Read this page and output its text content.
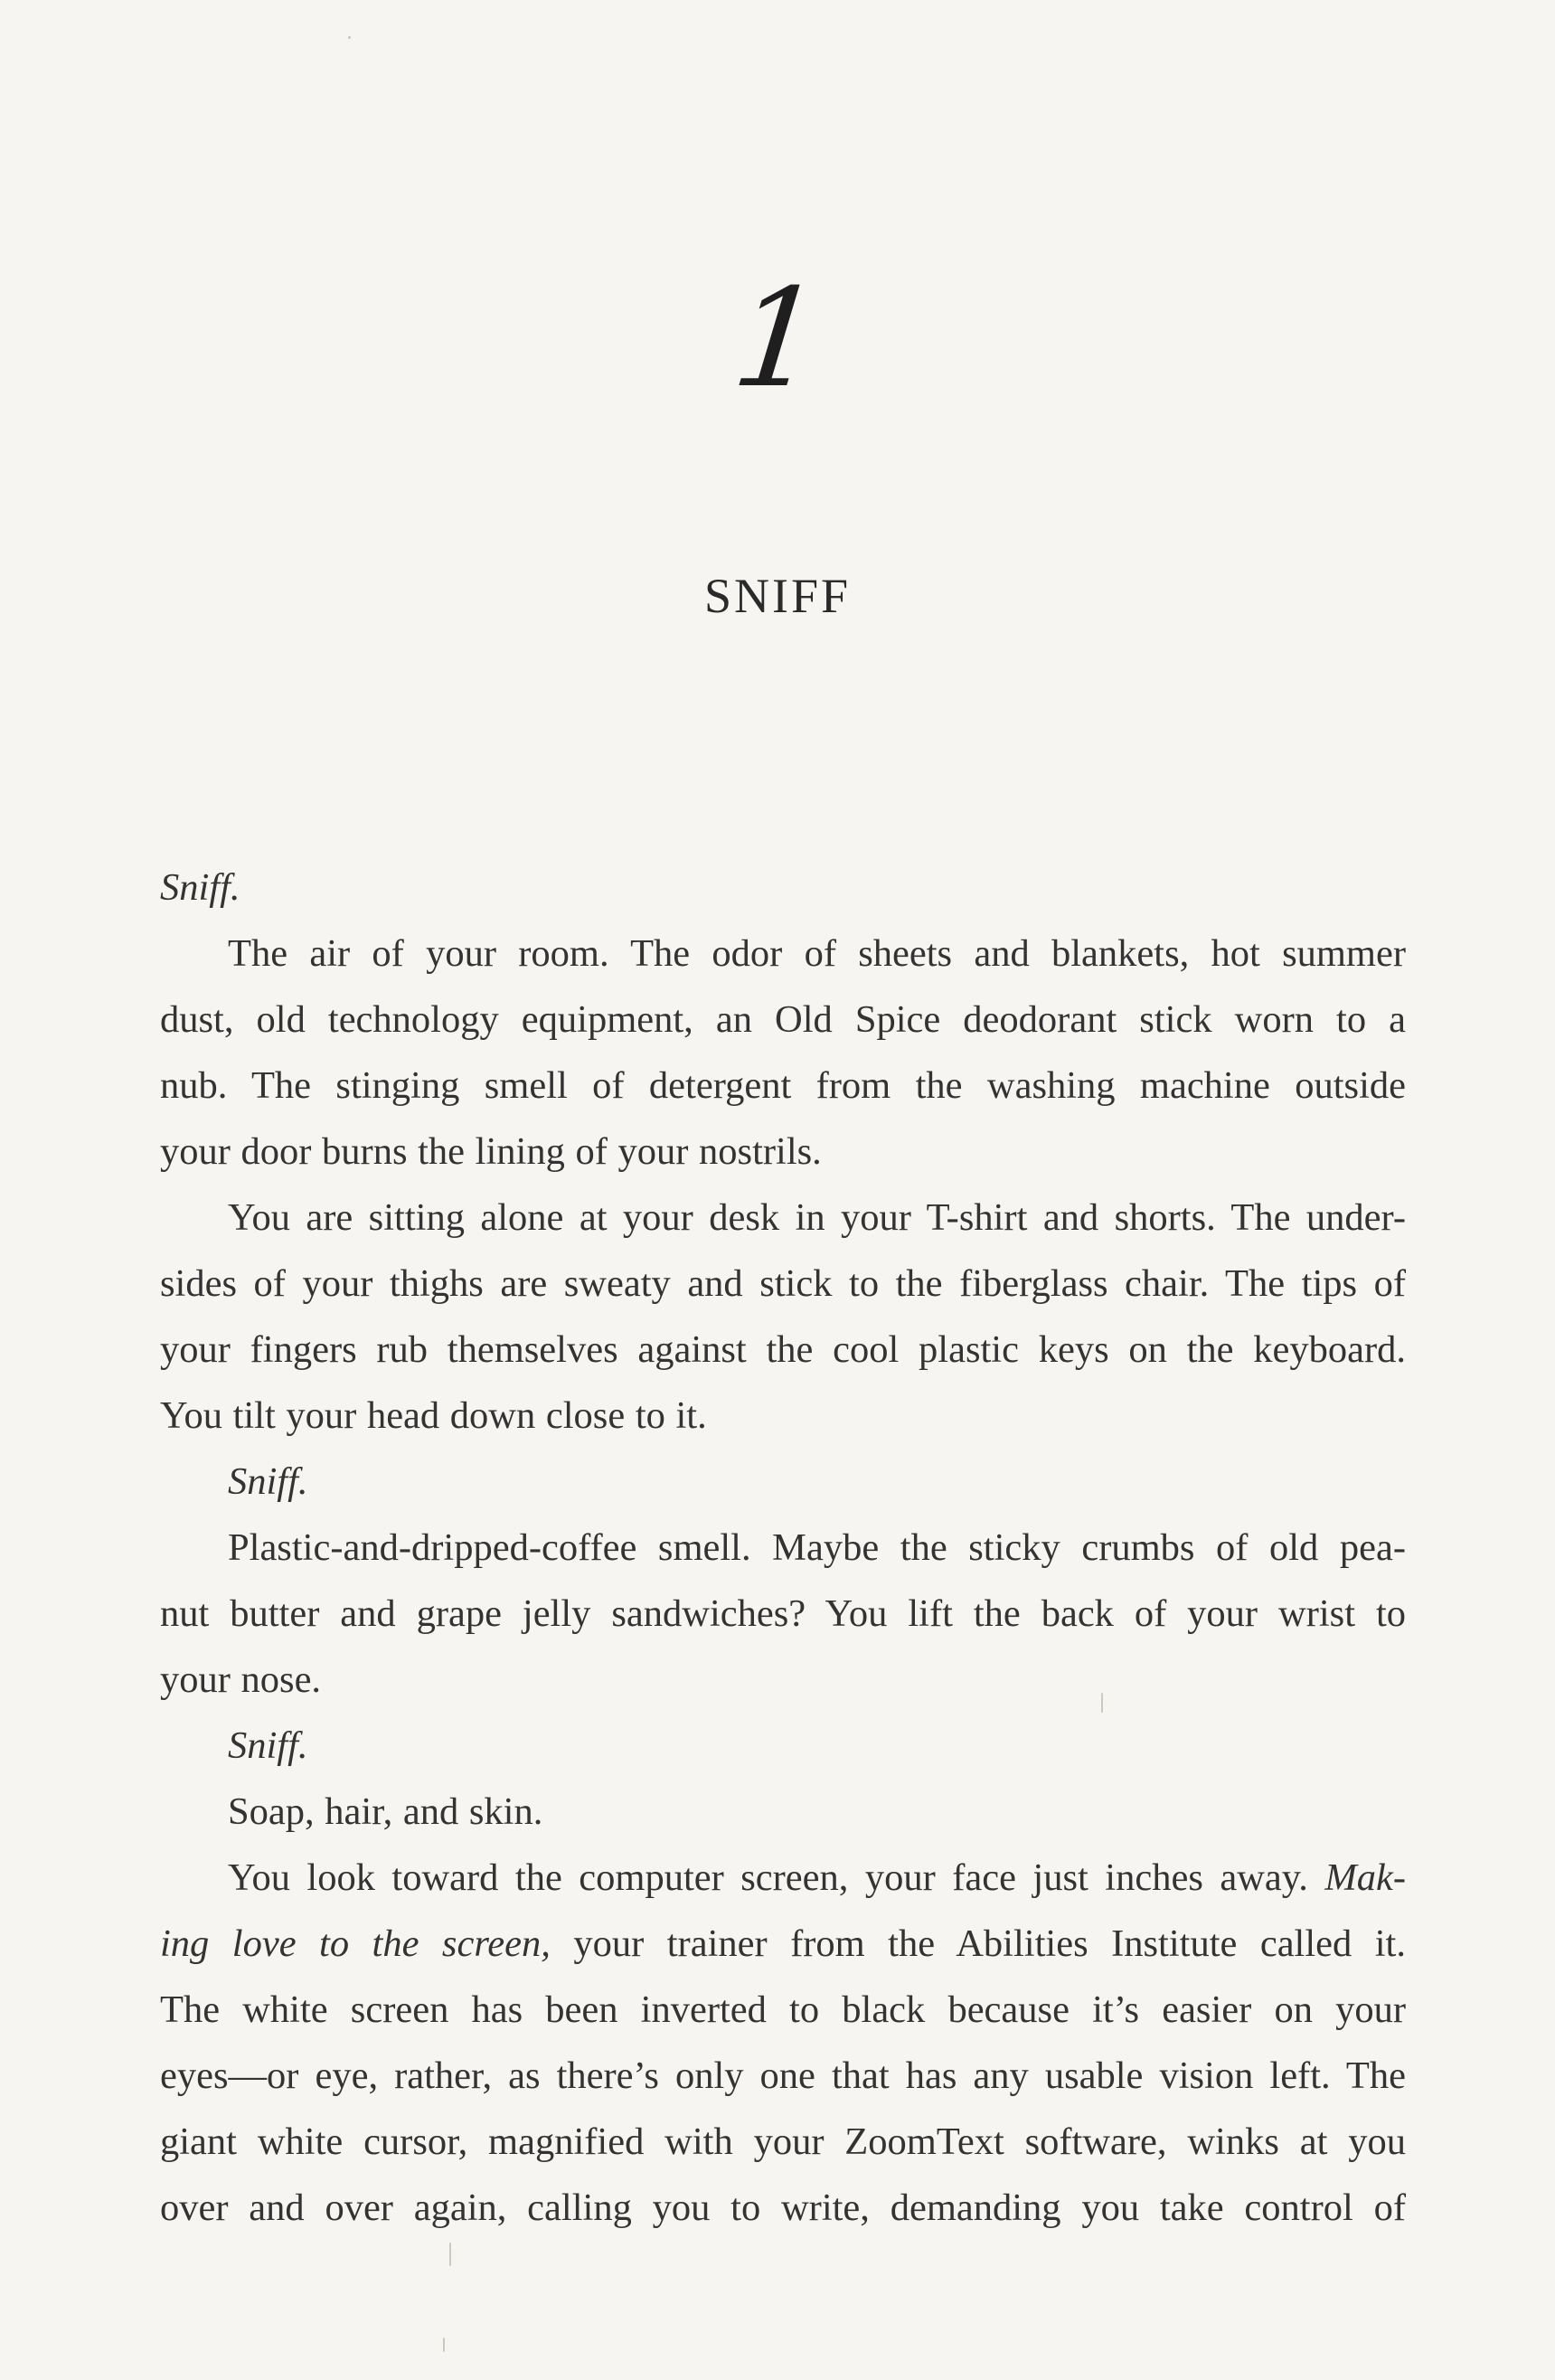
1
SNIFF

Sniff.

The air of your room. The odor of sheets and blankets, hot summer
dust, old technology equipment, an Old Spice deodorant stick worn to a
nub. The stinging smell of detergent from the washing machine outside
your door burns the lining of your nostrils.

You are sitting alone at your desk in your T-shirt and shorts. The under-
sides of your thighs are sweaty and stick to the fiberglass chair. The tips of
your fingers rub themselves against the cool plastic keys on the keyboard.
You tilt your head down close to it.

Sniff.

Plastic-and-dripped-coffee smell. Maybe the sticky crumbs of old pea-
nut butter and grape jelly sandwiches? You lift the back of your wrist to
your nose.

Sniff.

Soap, hair, and skin.

You look toward the computer screen, your face just inches away. Mak-
ing love to the screen, your trainer from the Abilities Institute called it.
The white screen has been inverted to black because it’s easier on your
eyes—or eye, rather, as there’s only one that has any usable vision left. The
giant white cursor, magnified with your ZoomText software, winks at you
over and over again, calling you to write, demanding you take control of
